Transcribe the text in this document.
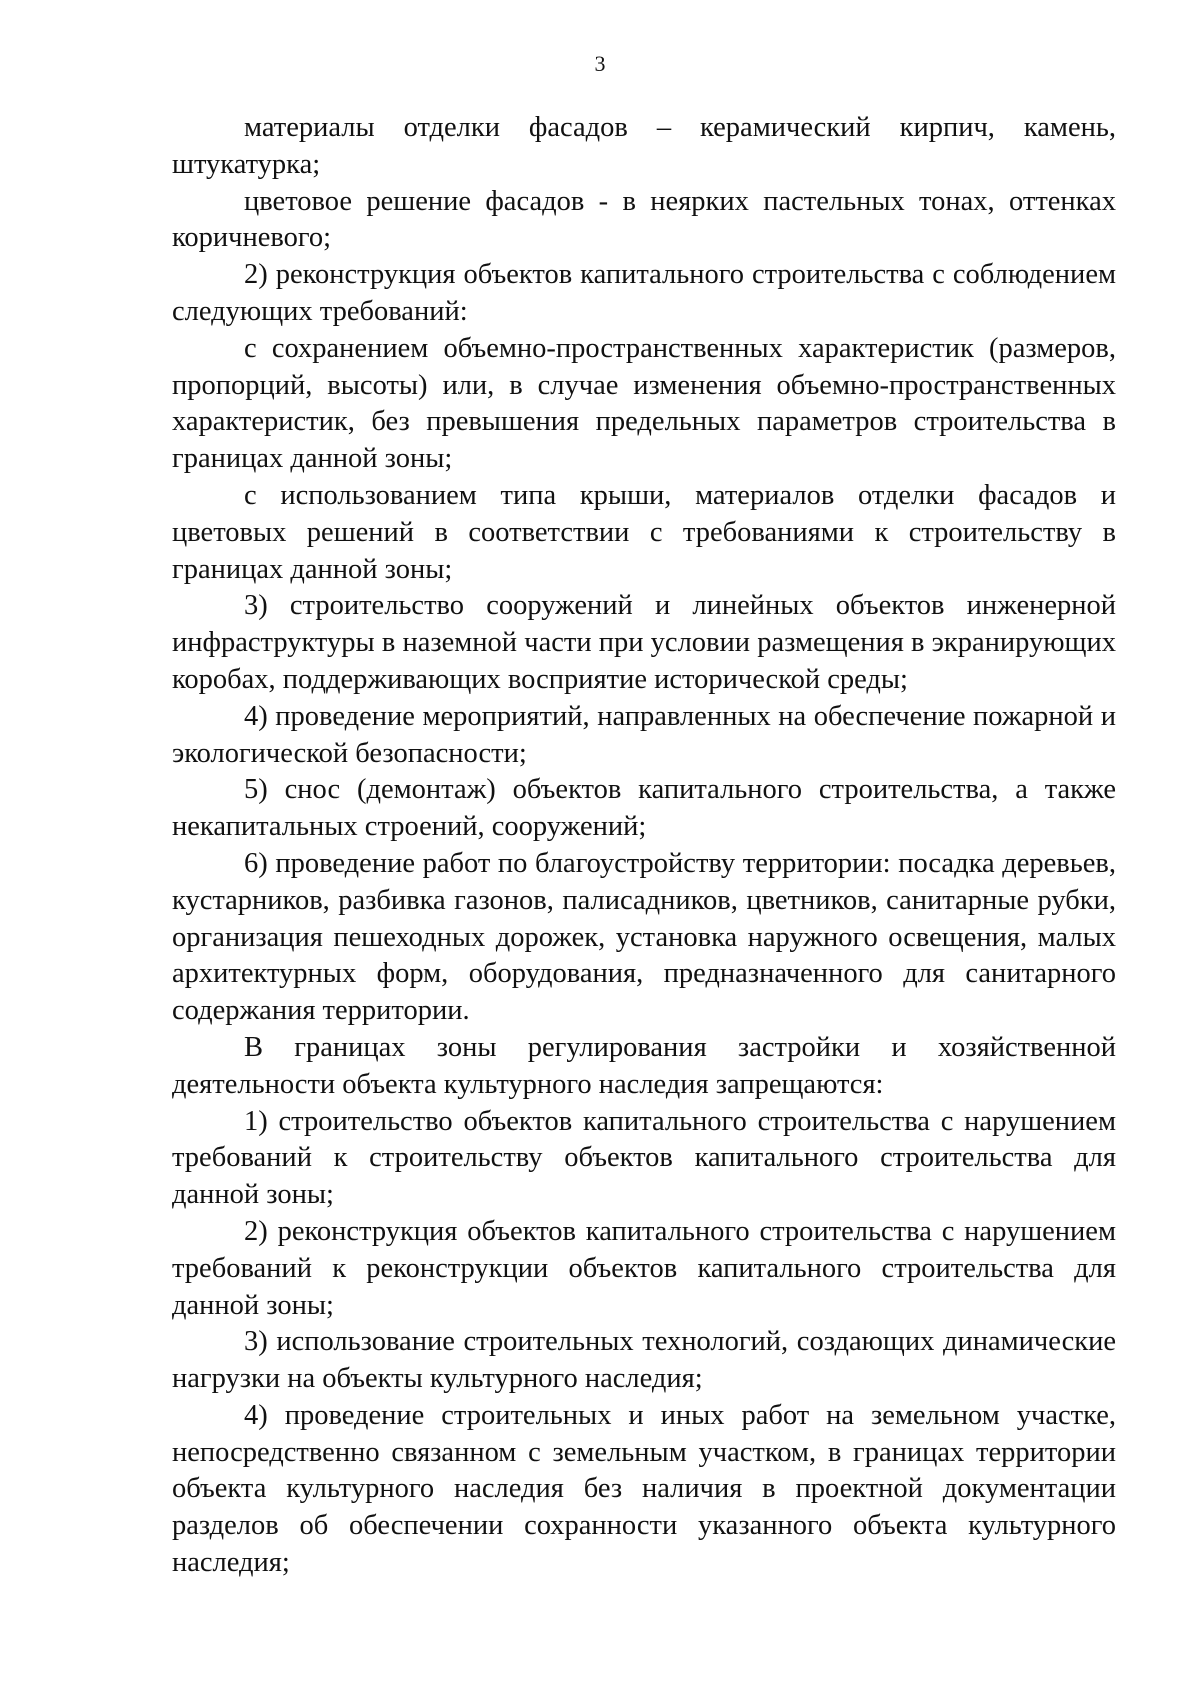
3

материалы отделки фасадов – керамический кирпич, камень, штукатурка;

цветовое решение фасадов - в неярких пастельных тонах, оттенках коричневого;

2) реконструкция объектов капитального строительства с соблюдением следующих требований:

с сохранением объемно-пространственных характеристик (размеров, пропорций, высоты) или, в случае изменения объемно-пространственных характеристик, без превышения предельных параметров строительства в границах данной зоны;

с использованием типа крыши, материалов отделки фасадов и цветовых решений в соответствии с требованиями к строительству в границах данной зоны;

3) строительство сооружений и линейных объектов инженерной инфраструктуры в наземной части при условии размещения в экранирующих коробах, поддерживающих восприятие исторической среды;

4) проведение мероприятий, направленных на обеспечение пожарной и экологической безопасности;

5) снос (демонтаж) объектов капитального строительства, а также некапитальных строений, сооружений;

6) проведение работ по благоустройству территории: посадка деревьев, кустарников, разбивка газонов, палисадников, цветников, санитарные рубки, организация пешеходных дорожек, установка наружного освещения, малых архитектурных форм, оборудования, предназначенного для санитарного содержания территории.

В границах зоны регулирования застройки и хозяйственной деятельности объекта культурного наследия запрещаются:

1) строительство объектов капитального строительства с нарушением требований к строительству объектов капитального строительства для данной зоны;

2) реконструкция объектов капитального строительства с нарушением требований к реконструкции объектов капитального строительства для данной зоны;

3) использование строительных технологий, создающих динамические нагрузки на объекты культурного наследия;

4) проведение строительных и иных работ на земельном участке, непосредственно связанном с земельным участком, в границах территории объекта культурного наследия без наличия в проектной документации разделов об обеспечении сохранности указанного объекта культурного наследия;
